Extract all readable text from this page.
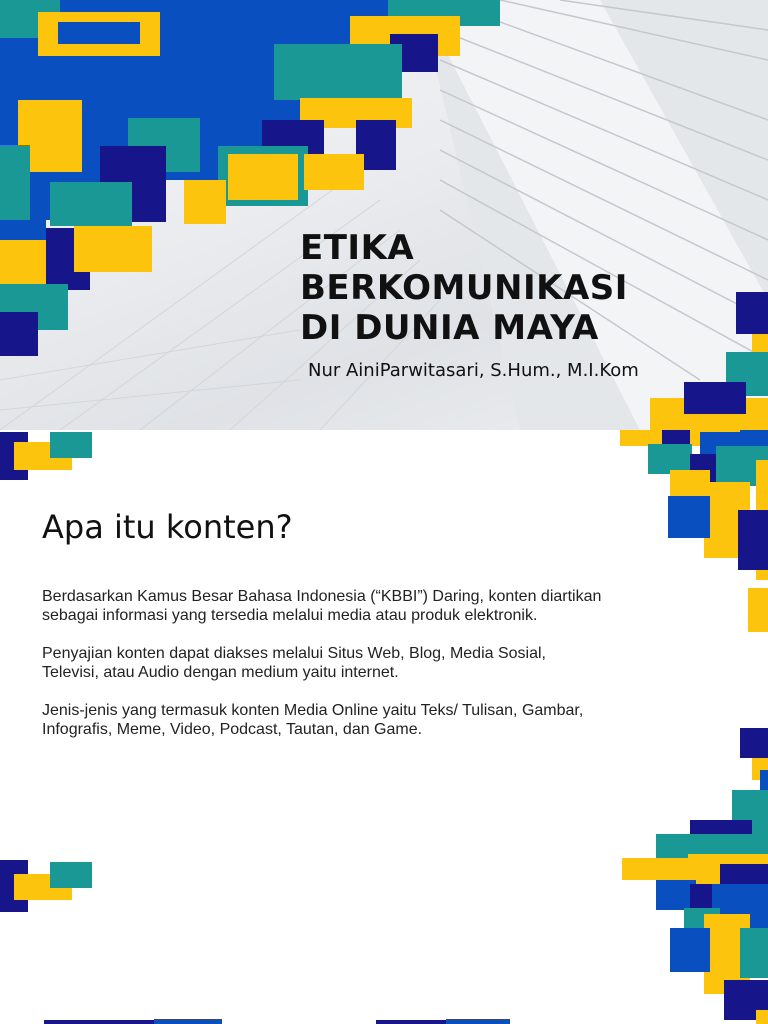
ETIKA
BERKOMUNIKASI
DI DUNIA MAYA

Nur AiniParwitasari, S.Hum., M.I.Kom

Apa itu konten?

Berdasarkan Kamus Besar Bahasa Indonesia (“KBBI”) Daring, konten diartikan sebagai informasi yang tersedia melalui media atau produk elektronik.

Penyajian konten dapat diakses melalui Situs Web, Blog, Media Sosial, Televisi, atau Audio dengan medium yaitu internet.

Jenis-jenis yang termasuk konten Media Online yaitu Teks/ Tulisan, Gambar, Infografis, Meme, Video, Podcast, Tautan, dan Game.
